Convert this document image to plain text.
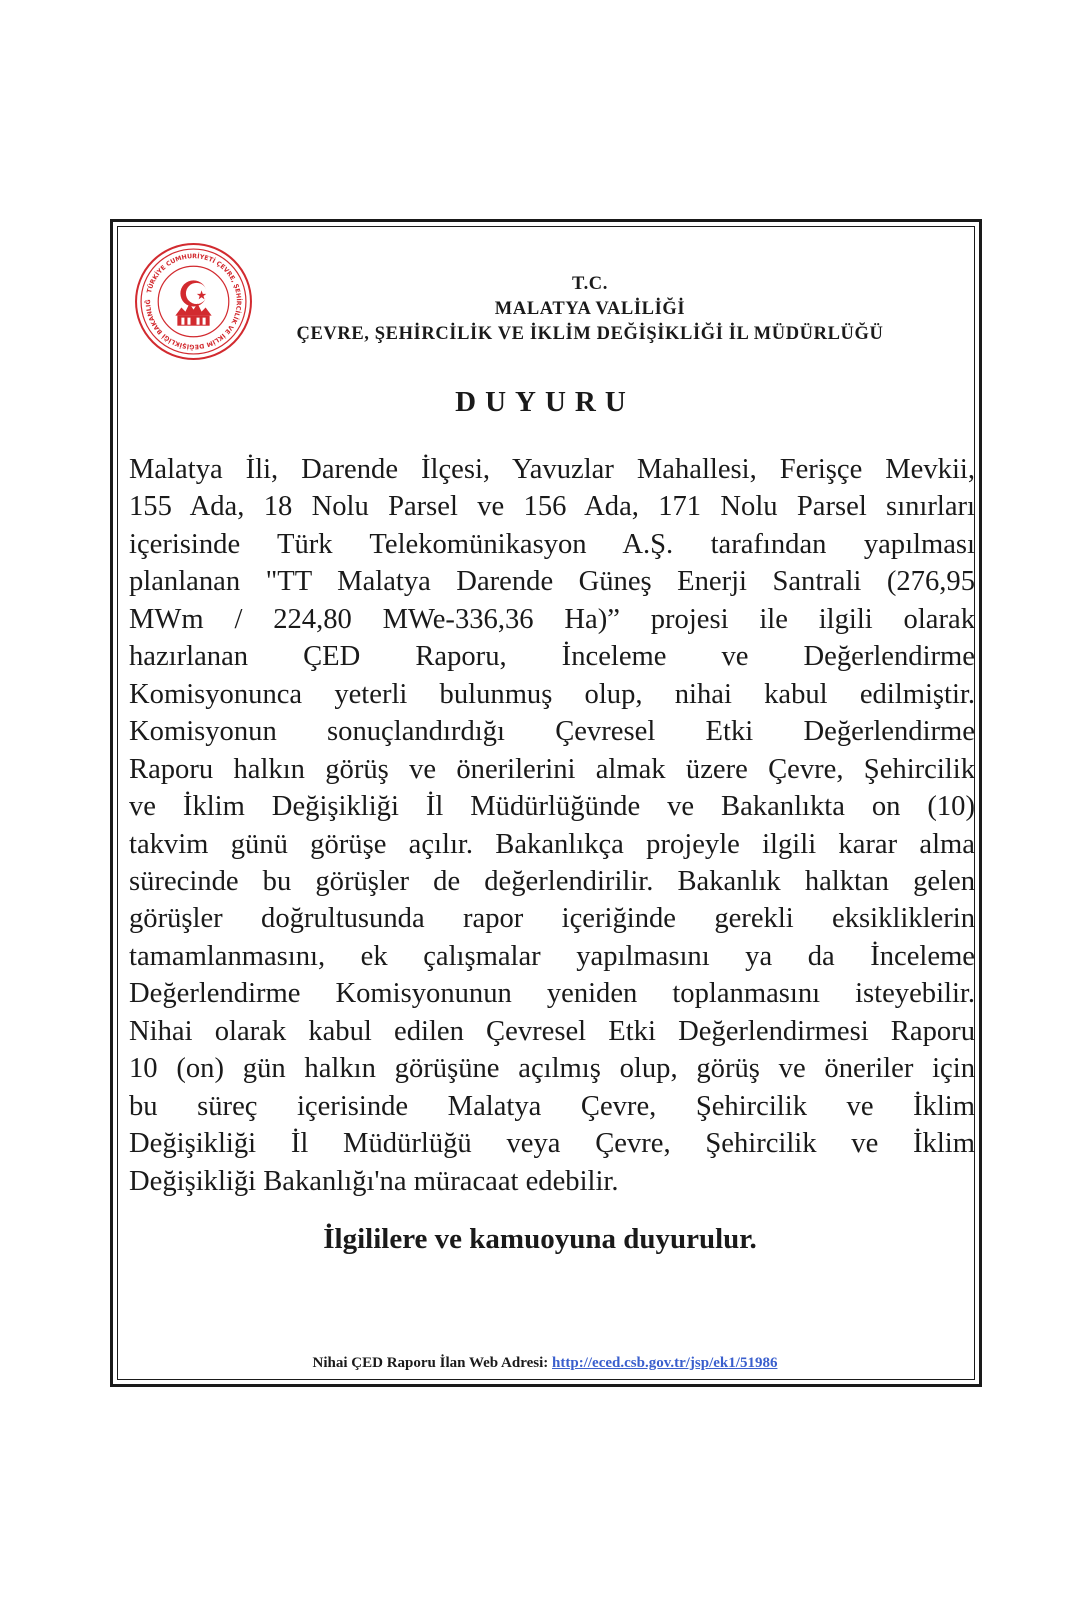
TÜRKİYE CUMHURİYETİ ÇEVRE, ŞEHİRCİLİK VE İKLİM DEĞİŞİKLİĞİ BAKANLIĞ
T.C.
MALATYA VALİLİĞİ
ÇEVRE, ŞEHİRCİLİK VE İKLİM DEĞİŞİKLİĞİ İL MÜDÜRLÜĞÜ
DUYURU
Malatya İli, Darende İlçesi, Yavuzlar Mahallesi, Ferişçe Mevkii,
155 Ada, 18 Nolu Parsel ve 156 Ada, 171 Nolu Parsel sınırları
içerisinde Türk Telekomünikasyon A.Ş. tarafından yapılması
planlanan "TT Malatya Darende Güneş Enerji Santrali (276,95
MWm / 224,80 MWe-336,36 Ha)” projesi ile ilgili olarak
hazırlanan ÇED Raporu, İnceleme ve Değerlendirme
Komisyonunca yeterli bulunmuş olup, nihai kabul edilmiştir.
Komisyonun sonuçlandırdığı Çevresel Etki Değerlendirme
Raporu halkın görüş ve önerilerini almak üzere Çevre, Şehircilik
ve İklim Değişikliği İl Müdürlüğünde ve Bakanlıkta on (10)
takvim günü görüşe açılır. Bakanlıkça projeyle ilgili karar alma
sürecinde bu görüşler de değerlendirilir. Bakanlık halktan gelen
görüşler doğrultusunda rapor içeriğinde gerekli eksikliklerin
tamamlanmasını, ek çalışmalar yapılmasını ya da İnceleme
Değerlendirme Komisyonunun yeniden toplanmasını isteyebilir.
Nihai olarak kabul edilen Çevresel Etki Değerlendirmesi Raporu
10 (on) gün halkın görüşüne açılmış olup, görüş ve öneriler için
bu süreç içerisinde Malatya Çevre, Şehircilik ve İklim
Değişikliği İl Müdürlüğü veya Çevre, Şehircilik ve İklim
Değişikliği Bakanlığı'na müracaat edebilir.
İlgililere ve kamuoyuna duyurulur.
Nihai ÇED Raporu İlan Web Adresi: http://eced.csb.gov.tr/jsp/ek1/51986
